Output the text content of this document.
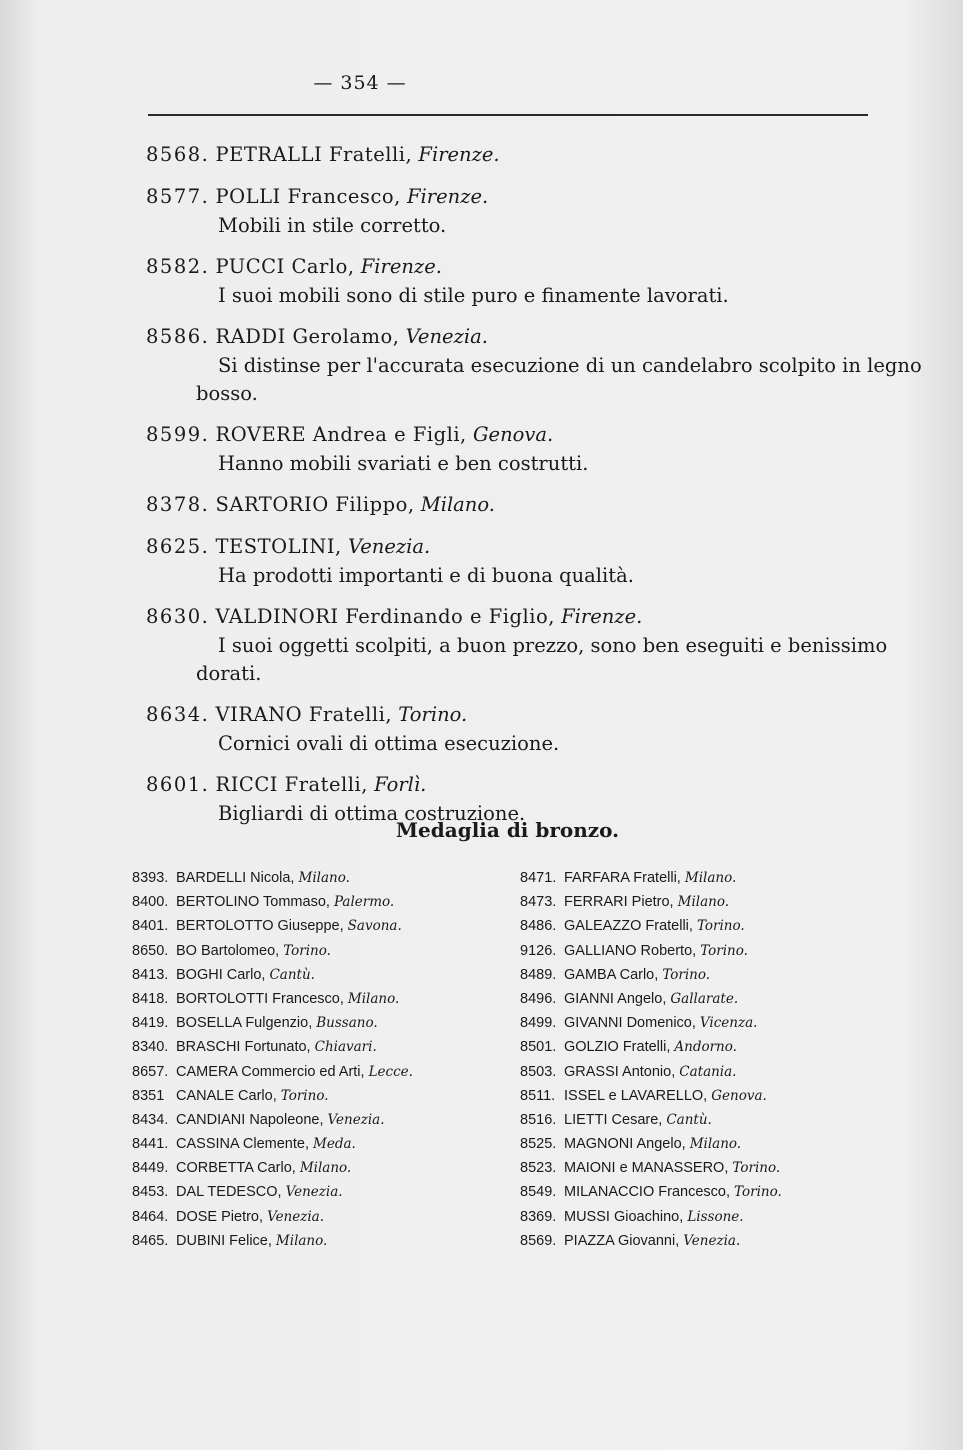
— 354 —
8568. PETRALLI Fratelli, Firenze.
8577. POLLI Francesco, Firenze.
Mobili in stile corretto.
8582. PUCCI Carlo, Firenze.
I suoi mobili sono di stile puro e finamente lavorati.
8586. RADDI Gerolamo, Venezia.
Si distinse per l'accurata esecuzione di un candelabro scolpito in legno
bosso.
8599. ROVERE Andrea e Figli, Genova.
Hanno mobili svariati e ben costrutti.
8378. SARTORIO Filippo, Milano.
8625. TESTOLINI, Venezia.
Ha prodotti importanti e di buona qualità.
8630. VALDINORI Ferdinando e Figlio, Firenze.
I suoi oggetti scolpiti, a buon prezzo, sono ben eseguiti e benissimo
dorati.
8634. VIRANO Fratelli, Torino.
Cornici ovali di ottima esecuzione.
8601. RICCI Fratelli, Forlì.
Bigliardi di ottima costruzione.
Medaglia di bronzo.
8393. BARDELLI Nicola, Milano.
8400. BERTOLINO Tommaso, Palermo.
8401. BERTOLOTTO Giuseppe, Savona.
8650. BO Bartolomeo, Torino.
8413. BOGHI Carlo, Cantù.
8418. BORTOLOTTI Francesco, Milano.
8419. BOSELLA Fulgenzio, Bussano.
8340. BRASCHI Fortunato, Chiavari.
8657. CAMERA Commercio ed Arti, Lecce.
8351 CANALE Carlo, Torino.
8434. CANDIANI Napoleone, Venezia.
8441. CASSINA Clemente, Meda.
8449. CORBETTA Carlo, Milano.
8453. DAL TEDESCO, Venezia.
8464. DOSE Pietro, Venezia.
8465. DUBINI Felice, Milano.
8471. FARFARA Fratelli, Milano.
8473. FERRARI Pietro, Milano.
8486. GALEAZZO Fratelli, Torino.
9126. GALLIANO Roberto, Torino.
8489. GAMBA Carlo, Torino.
8496. GIANNI Angelo, Gallarate.
8499. GIVANNI Domenico, Vicenza.
8501. GOLZIO Fratelli, Andorno.
8503. GRASSI Antonio, Catania.
8511. ISSEL e LAVARELLO, Genova.
8516. LIETTI Cesare, Cantù.
8525. MAGNONI Angelo, Milano.
8523. MAIONI e MANASSERO, Torino.
8549. MILANACCIO Francesco, Torino.
8369. MUSSI Gioachino, Lissone.
8569. PIAZZA Giovanni, Venezia.
